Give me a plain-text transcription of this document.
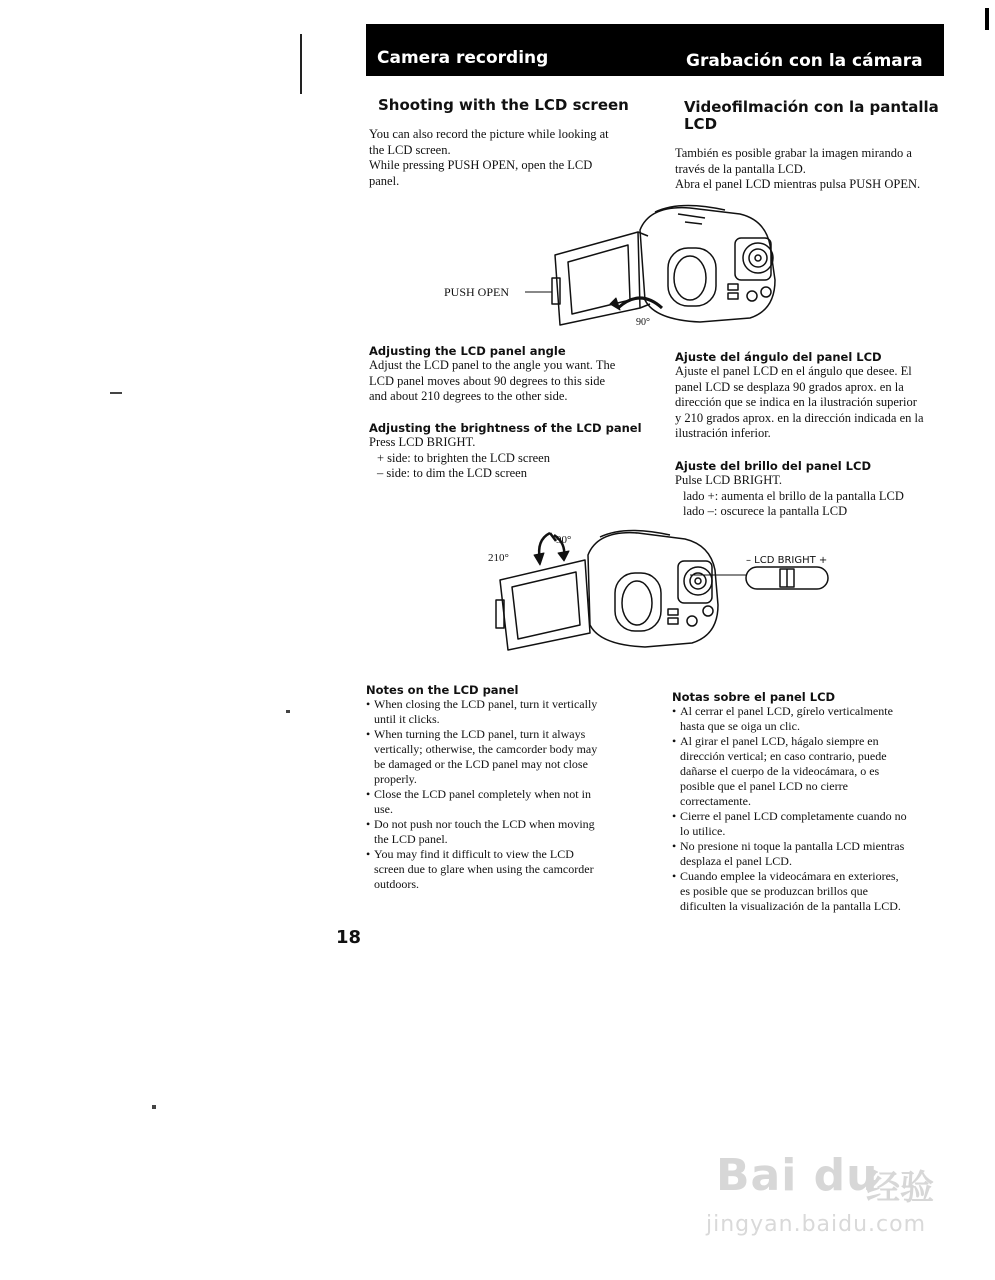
Camera recording	Grabación con la cámara
Shooting with the LCD screen

You can also record the picture while looking at

the LCD screen.

While pressing PUSH OPEN, open the LCD

panel.

Videofilmación con la pantalla
LCD

También es posible grabar la imagen mirando a

través de la pantalla LCD.

Abra el panel LCD mientras pulsa PUSH OPEN.

PUSH OPEN
90°
Adjusting the LCD panel angle

Adjust the LCD panel to the angle you want. The

LCD panel moves about 90 degrees to this side

and about 210 degrees to the other side.

Adjusting the brightness of the LCD panel

Press LCD BRIGHT.

+ side: to brighten the LCD screen

– side: to dim the LCD screen

Ajuste del ángulo del panel LCD

Ajuste el panel LCD en el ángulo que desee. El

panel LCD se desplaza 90 grados aprox. en la

dirección que se indica en la ilustración superior

y 210 grados aprox. en la dirección indicada en la

ilustración inferior.

Ajuste del brillo del panel LCD

Pulse LCD BRIGHT.

lado +: aumenta el brillo de la pantalla LCD

lado –: oscurece la pantalla LCD

210°
90°
– LCD BRIGHT +
Notes on the LCD panel
• When closing the LCD panel, turn it vertically
until it clicks.
• When turning the LCD panel, turn it always
vertically; otherwise, the camcorder body may
be damaged or the LCD panel may not close
properly.
• Close the LCD panel completely when not in
use.
• Do not push nor touch the LCD when moving
the LCD panel.
• You may find it difficult to view the LCD
screen due to glare when using the camcorder
outdoors.
Notas sobre el panel LCD
• Al cerrar el panel LCD, gírelo verticalmente
hasta que se oiga un clic.
• Al girar el panel LCD, hágalo siempre en
dirección vertical; en caso contrario, puede
dañarse el cuerpo de la videocámara, o es
posible que el panel LCD no cierre
correctamente.
• Cierre el panel LCD completamente cuando no
lo utilice.
• No presione ni toque la pantalla LCD mientras
desplaza el panel LCD.
• Cuando emplee la videocámara en exteriores,
es posible que se produzcan brillos que
dificulten la visualización de la pantalla LCD.
18
Bai du
经验
jingyan.baidu.com
